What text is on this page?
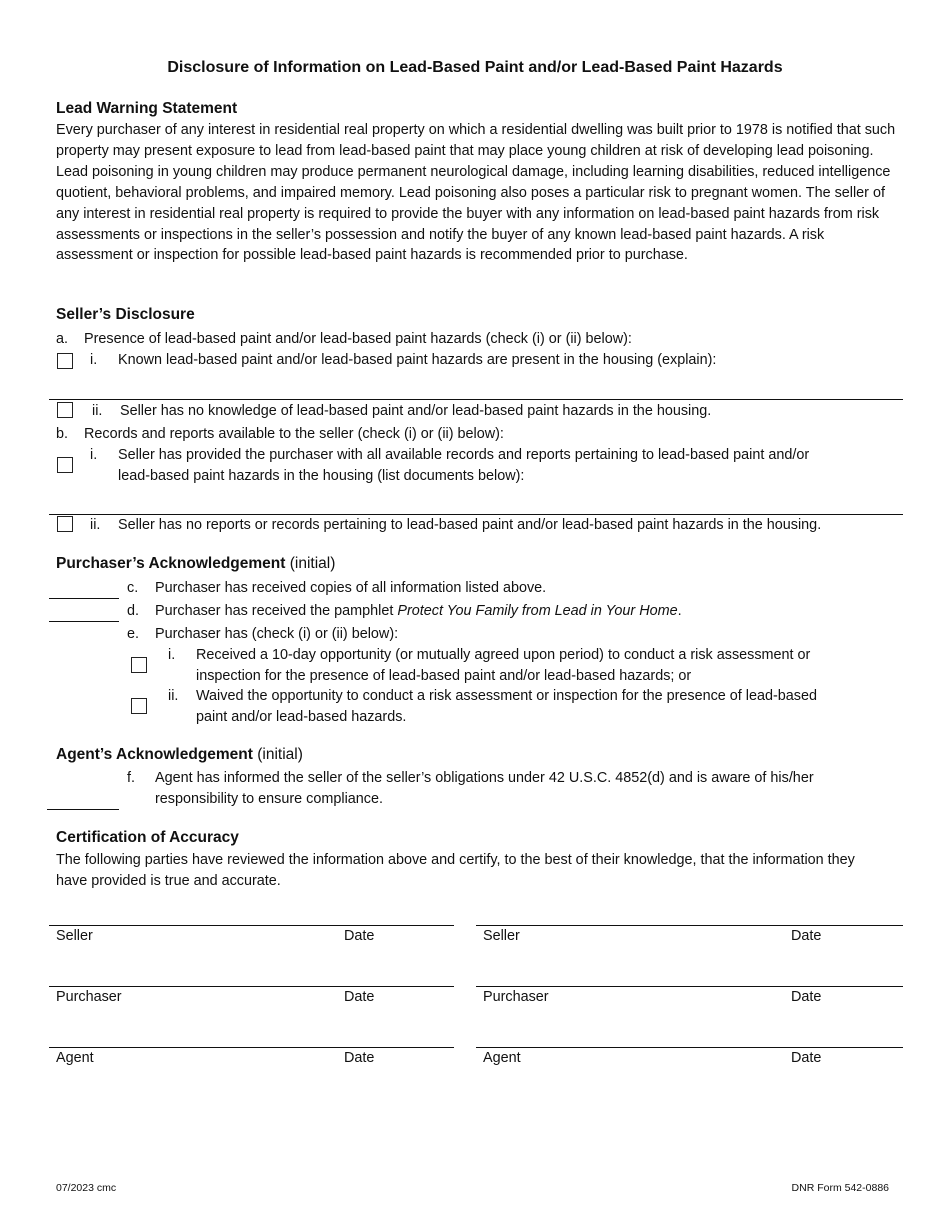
Disclosure of Information on Lead-Based Paint and/or Lead-Based Paint Hazards
Lead Warning Statement
Every purchaser of any interest in residential real property on which a residential dwelling was built prior to 1978 is notified that such property may present exposure to lead from lead-based paint that may place young children at risk of developing lead poisoning. Lead poisoning in young children may produce permanent neurological damage, including learning disabilities, reduced intelligence quotient, behavioral problems, and impaired memory. Lead poisoning also poses a particular risk to pregnant women. The seller of any interest in residential real property is required to provide the buyer with any information on lead-based paint hazards from risk assessments or inspections in the seller’s possession and notify the buyer of any known lead-based paint hazards. A risk assessment or inspection for possible lead-based paint hazards is recommended prior to purchase.
Seller’s Disclosure
a. Presence of lead-based paint and/or lead-based paint hazards (check (i) or (ii) below):
i. Known lead-based paint and/or lead-based paint hazards are present in the housing (explain):
ii. Seller has no knowledge of lead-based paint and/or lead-based paint hazards in the housing.
b. Records and reports available to the seller (check (i) or (ii) below):
i. Seller has provided the purchaser with all available records and reports pertaining to lead-based paint and/or
lead-based paint hazards in the housing (list documents below):
ii. Seller has no reports or records pertaining to lead-based paint and/or lead-based paint hazards in the housing.
Purchaser’s Acknowledgement (initial)
c. Purchaser has received copies of all information listed above.
d. Purchaser has received the pamphlet Protect You Family from Lead in Your Home.
e. Purchaser has (check (i) or (ii) below):
i. Received a 10-day opportunity (or mutually agreed upon period) to conduct a risk assessment or
inspection for the presence of lead-based paint and/or lead-based hazards; or
ii. Waived the opportunity to conduct a risk assessment or inspection for the presence of lead-based
paint and/or lead-based hazards.
Agent’s Acknowledgement (initial)
f. Agent has informed the seller of the seller’s obligations under 42 U.S.C. 4852(d) and is aware of his/her
responsibility to ensure compliance.
Certification of Accuracy
The following parties have reviewed the information above and certify, to the best of their knowledge, that the information they have provided is true and accurate.
Seller	Date
Purchaser	Date
Agent	Date
Seller	Date
Purchaser	Date
Agent	Date
07/2023 cmc	DNR Form 542-0886
